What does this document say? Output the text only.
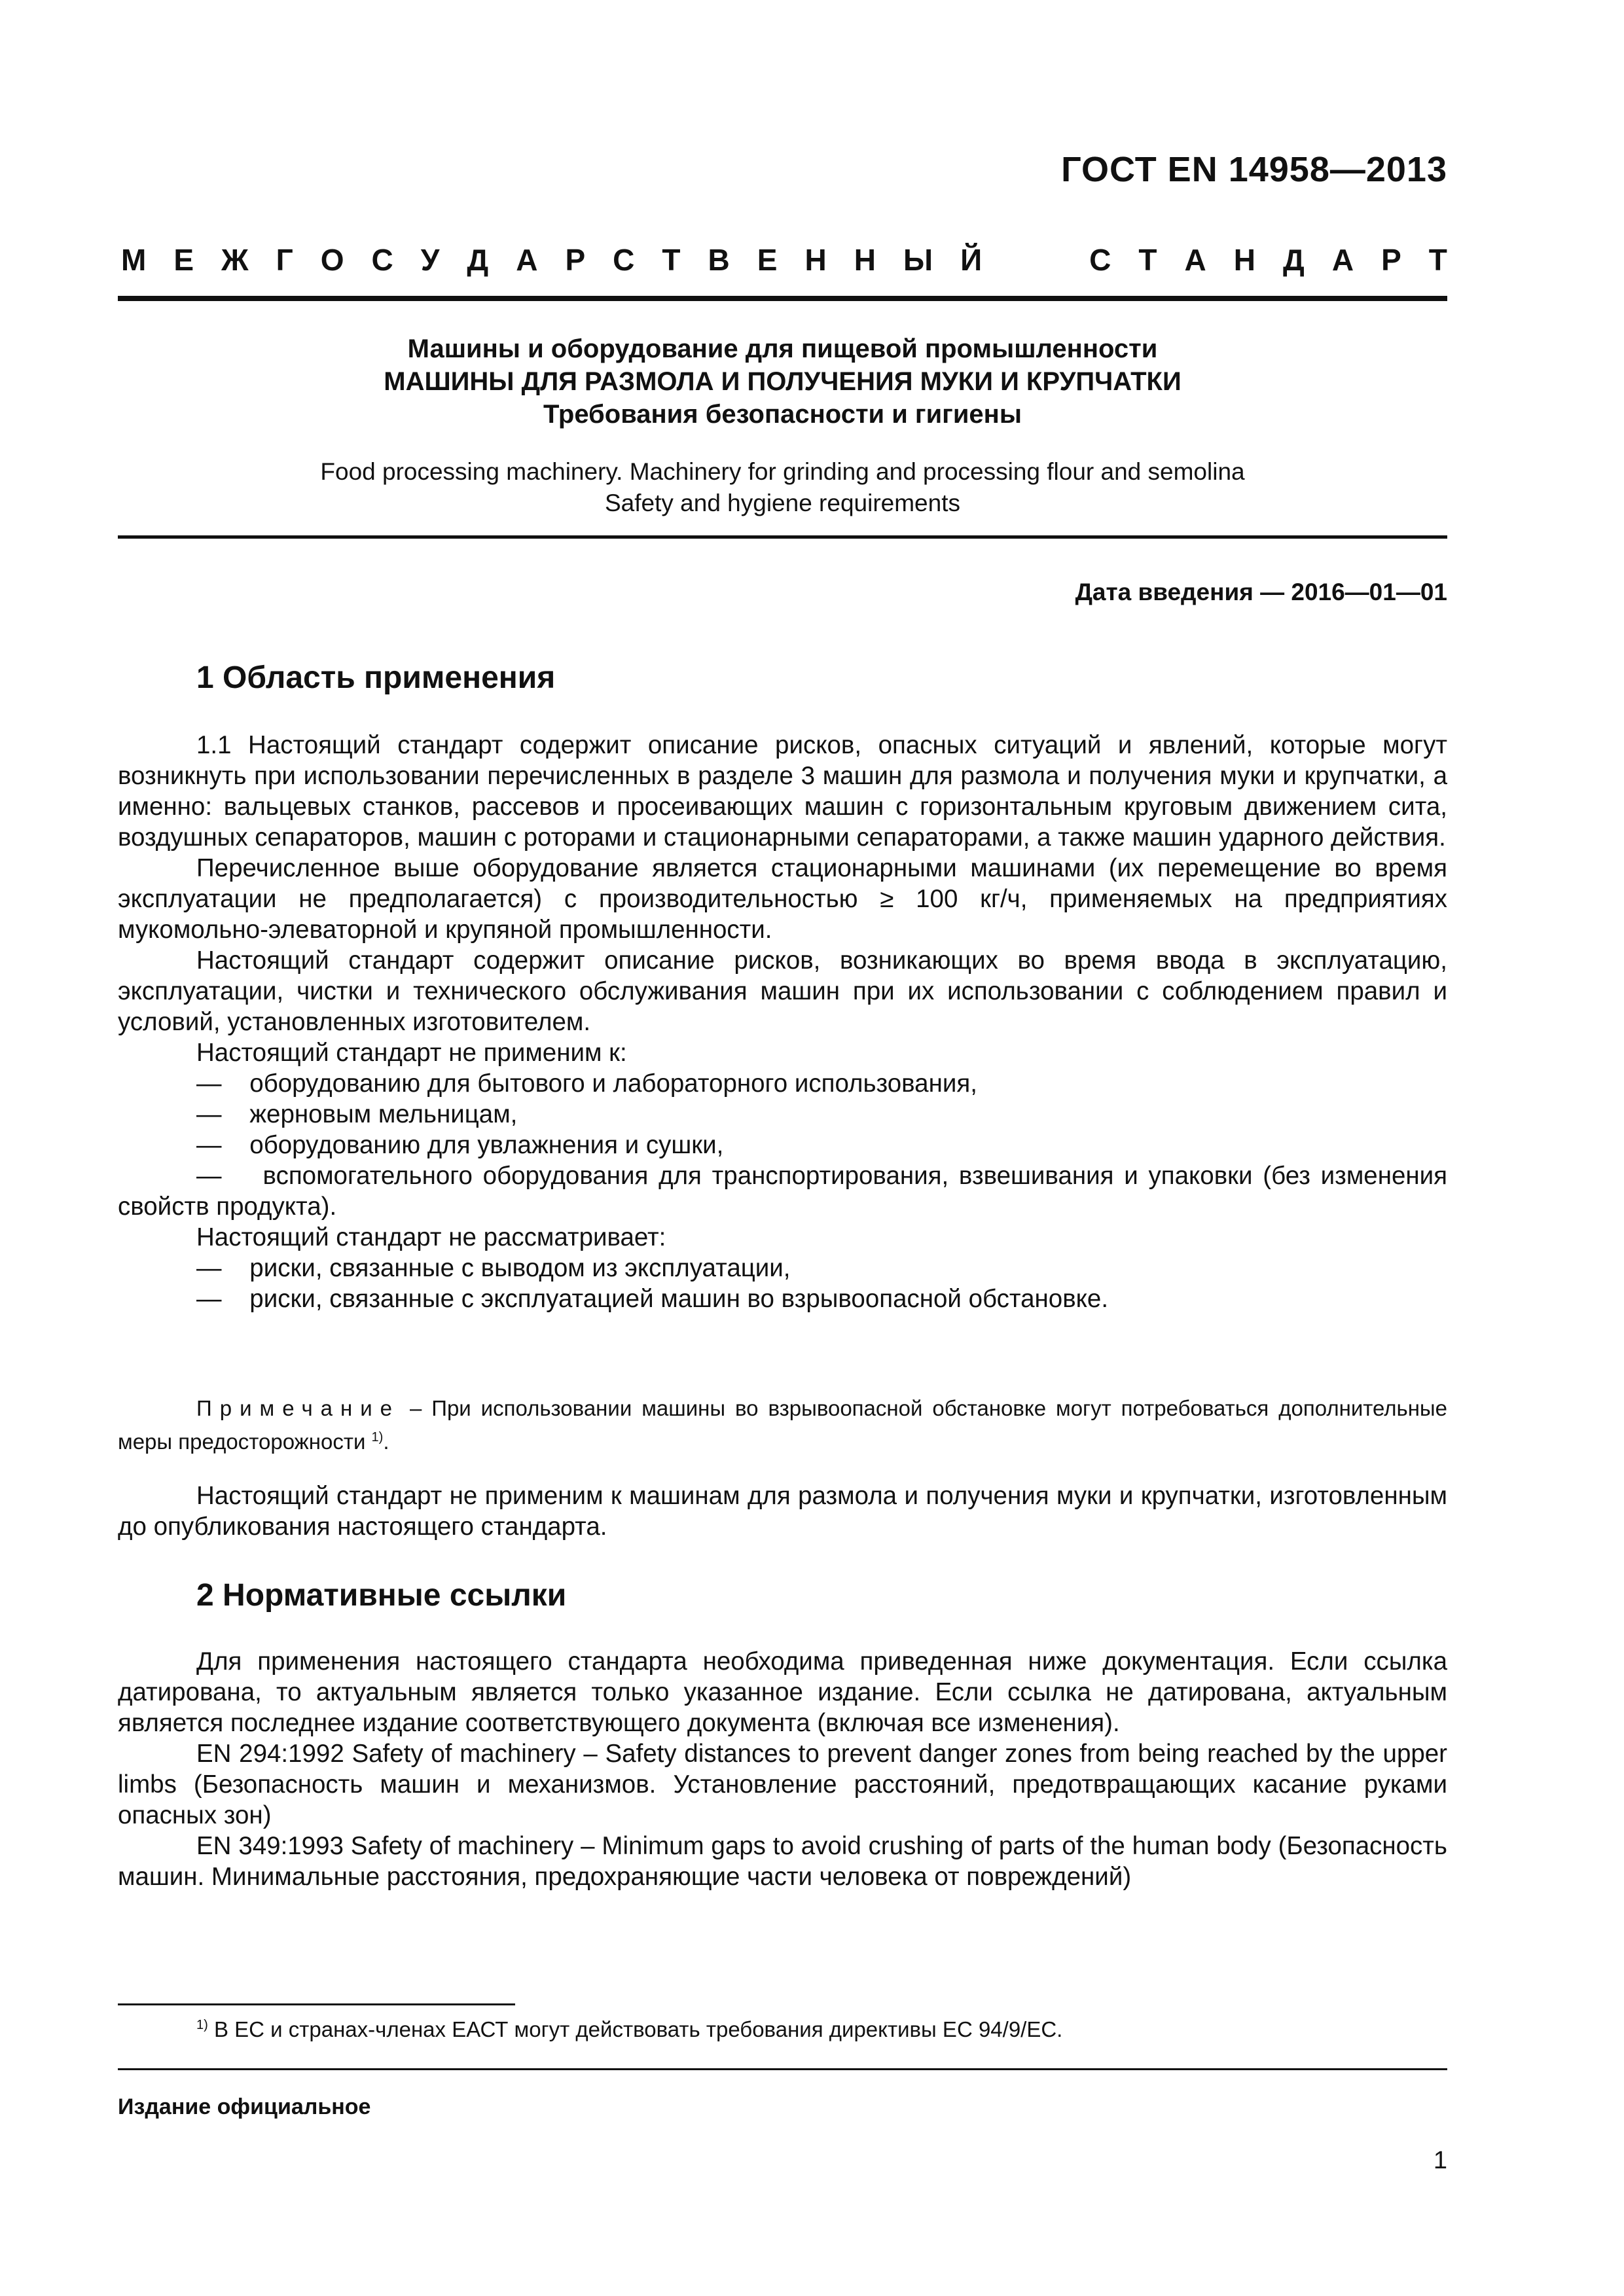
ГОСТ EN 14958—2013
М Е Ж Г О С У Д А Р С Т В Е Н Н Ы Й	С Т А Н Д А Р Т
Машины и оборудование для пищевой промышленности
МАШИНЫ ДЛЯ РАЗМОЛА И ПОЛУЧЕНИЯ МУКИ И КРУПЧАТКИ
Требования безопасности и гигиены
Food processing machinery. Machinery for grinding and processing flour and semolina
Safety and hygiene requirements
Дата введения — 2016—01—01
1 Область применения

1.1 Настоящий стандарт содержит описание рисков, опасных ситуаций и явлений, которые могут возникнуть при использовании перечисленных в разделе 3 машин для размола и получения муки и крупчатки, а именно: вальцевых станков, рассевов и просеивающих машин с горизонтальным круговым движением сита, воздушных сепараторов, машин с роторами и стационарными сепараторами, а также машин ударного действия.

Перечисленное выше оборудование является стационарными машинами (их перемещение во время эксплуатации не предполагается) с производительностью ≥ 100 кг/ч, применяемых на предприятиях мукомольно-элеваторной и крупяной промышленности.

Настоящий стандарт содержит описание рисков, возникающих во время ввода в эксплуатацию, эксплуатации, чистки и технического обслуживания машин при их использовании с соблюдением правил и условий, установленных изготовителем.

Настоящий стандарт не применим к:

—    оборудованию для бытового и лабораторного использования,

—    жерновым мельницам,

—    оборудованию для увлажнения и сушки,

—    вспомогательного оборудования для транспортирования, взвешивания и упаковки (без изменения свойств продукта).

Настоящий стандарт не рассматривает:

—    риски, связанные с выводом из эксплуатации,

—    риски, связанные с эксплуатацией машин во взрывоопасной обстановке.

Примечание – При использовании машины во взрывоопасной обстановке могут потребоваться дополнительные меры предосторожности $^{1)}$.

Настоящий стандарт не применим к машинам для размола и получения муки и крупчатки, изготовленным до опубликования настоящего стандарта.

2 Нормативные ссылки

Для применения настоящего стандарта необходима приведенная ниже документация. Если ссылка датирована, то актуальным является только указанное издание. Если ссылка не датирована, актуальным является последнее издание соответствующего документа (включая все изменения).

EN 294:1992 Safety of machinery – Safety distances to prevent danger zones from being reached by the upper limbs (Безопасность машин и механизмов. Установление расстояний, предотвращающих касание руками опасных зон)

EN 349:1993 Safety of machinery – Minimum gaps to avoid crushing of parts of the human body (Безопасность машин. Минимальные расстояния, предохраняющие части человека от повреждений)

$^{1)}$ В ЕС и странах-членах ЕАСТ могут действовать требования директивы ЕС 94/9/ЕС.
Издание официальное
1
